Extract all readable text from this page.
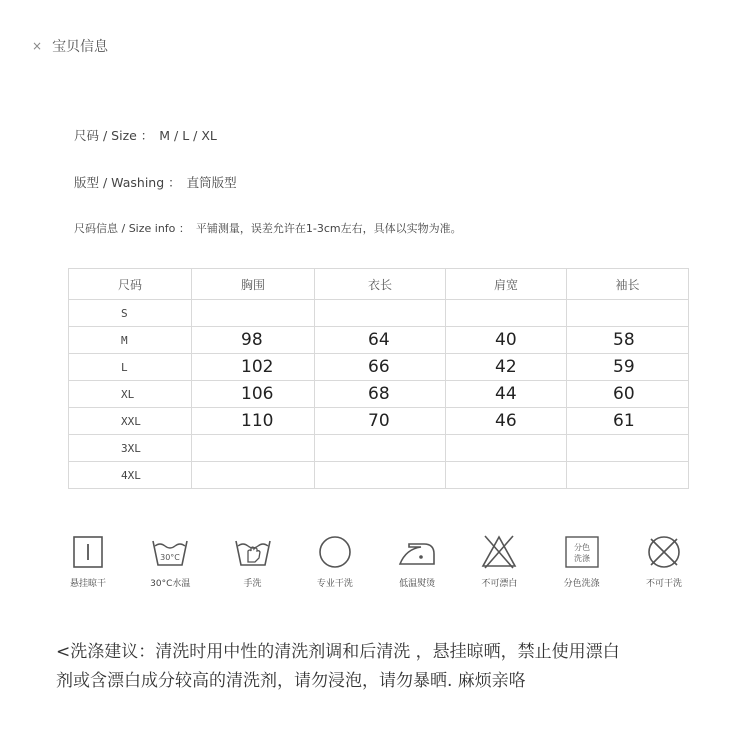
× 宝贝信息
尺码 / Size ： M / L / XL
版型 / Washing ： 直筒版型
尺码信息 / Size info ： 平铺测量，误差允许在1-3cm左右，具体以实物为准。
尺码	胸围	衣长	肩宽	袖长
S				
M	98	64	40	58
L	102	66	42	59
XL	106	68	44	60
XXL	110	70	46	61
3XL				
4XL				
悬挂晾干
30°C
30°C水温	手洗	专业干洗	低温熨烫	不可漂白
分色
洗涤
分色洗涤	不可干洗
<洗涤建议：清洗时用中性的清洗剂调和后清洗 ，悬挂晾晒，禁止使用漂白
剂或含漂白成分较高的清洗剂，请勿浸泡，请勿暴晒. 麻烦亲咯
